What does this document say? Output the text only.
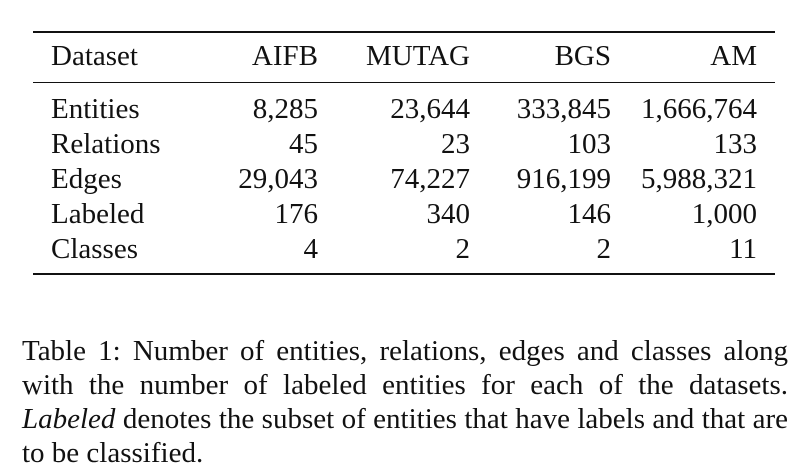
Dataset	AIFB	MUTAG	BGS	AM
Entities	8,285	23,644	333,845	1,666,764
Relations	45	23	103	133
Edges	29,043	74,227	916,199	5,988,321
Labeled	176	340	146	1,000
Classes	4	2	2	11

Table 1: Number of entities, relations, edges and classes along with the number of labeled entities for each of the datasets. Labeled denotes the subset of entities that have labels and that are to be classified.
